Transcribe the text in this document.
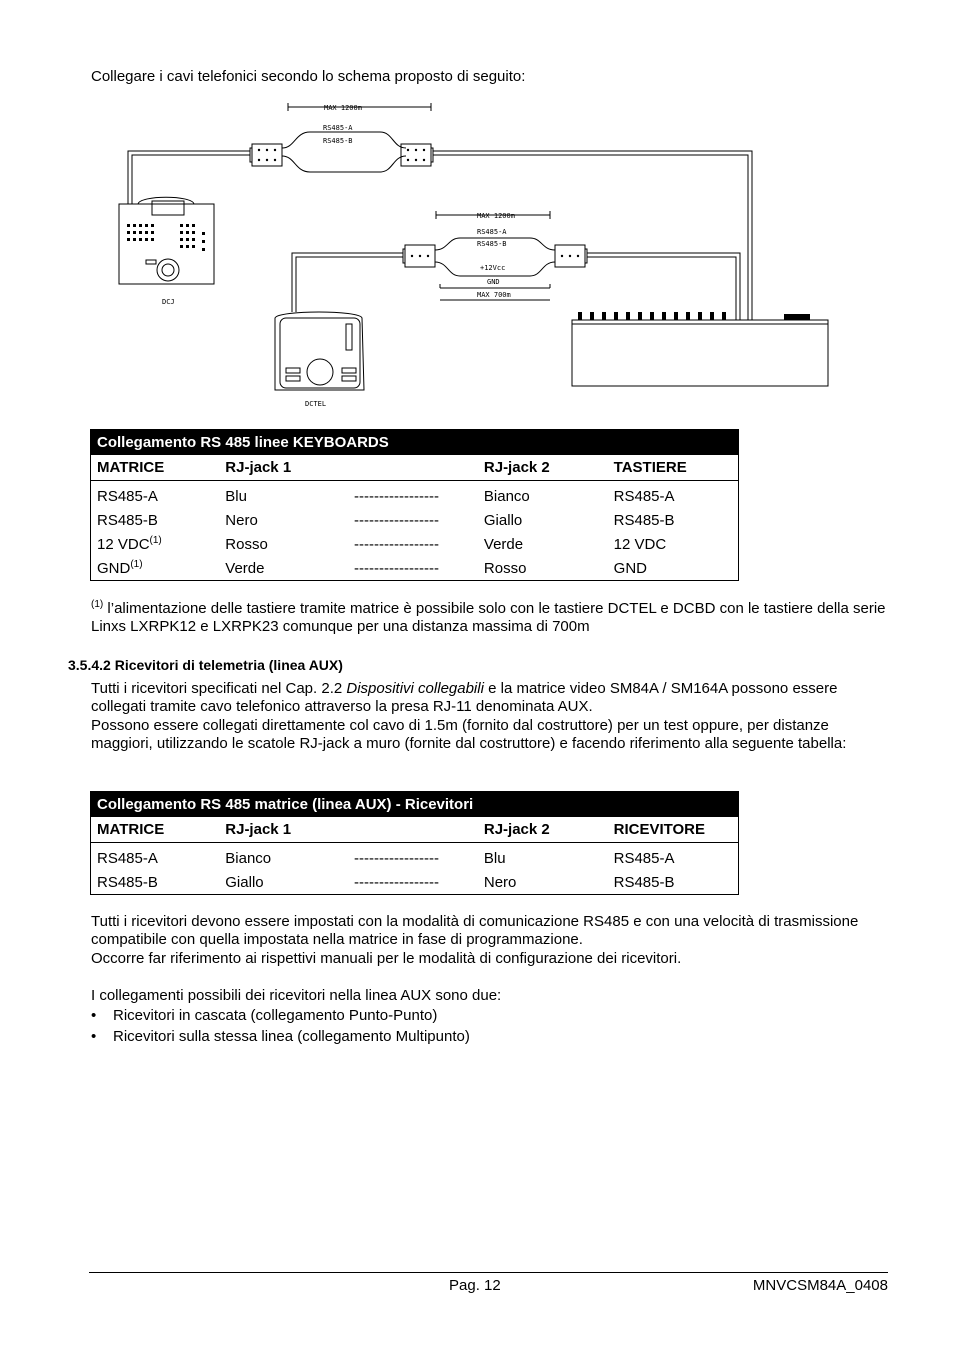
Collegare i cavi telefonici secondo lo schema proposto di seguito:

MAX 1200m
RS485-A
RS485-B
MAX 1200m
RS485-A
RS485-B
+12Vcc
GND
MAX 700m
DCJ
DCTEL
Collegamento RS 485 linee KEYBOARDS				
MATRICE	RJ-jack 1		RJ-jack 2	TASTIERE
RS485-A	Blu	-----------------	Bianco	RS485-A
RS485-B	Nero	-----------------	Giallo	RS485-B
12 VDC$^{(1)}$	Rosso	-----------------	Verde	12 VDC
GND$^{(1)}$	Verde	-----------------	Rosso	GND

$^{(1)}$ l’alimentazione delle tastiere tramite matrice è possibile solo con le tastiere DCTEL e DCBD con le tastiere della serie Linxs LXRPK12 e LXRPK23 comunque per una distanza massima di 700m

3.5.4.2 Ricevitori di telemetria (linea AUX)

Tutti i ricevitori specificati nel Cap. 2.2 Dispositivi collegabili e la matrice video SM84A / SM164A possono essere collegati tramite cavo telefonico attraverso la presa RJ-11 denominata AUX.

Possono essere collegati direttamente col cavo di 1.5m (fornito dal costruttore) per un test oppure, per distanze maggiori, utilizzando le scatole RJ-jack a muro (fornite dal costruttore) e facendo riferimento alla seguente tabella:

Collegamento RS 485 matrice (linea AUX) - Ricevitori				
MATRICE	RJ-jack 1		RJ-jack 2	RICEVITORE
RS485-A	Bianco	-----------------	Blu	RS485-A
RS485-B	Giallo	-----------------	Nero	RS485-B

Tutti i ricevitori devono essere impostati con la modalità di comunicazione RS485 e con una velocità di trasmissione compatibile con quella impostata nella matrice in fase di programmazione.

Occorre far riferimento ai rispettivi manuali per le modalità di configurazione dei ricevitori.

I collegamenti possibili dei ricevitori nella linea AUX sono due:

• Ricevitori in cascata (collegamento Punto-Punto)
• Ricevitori sulla stessa linea (collegamento Multipunto)
Pag. 12	MNVCSM84A_0408
